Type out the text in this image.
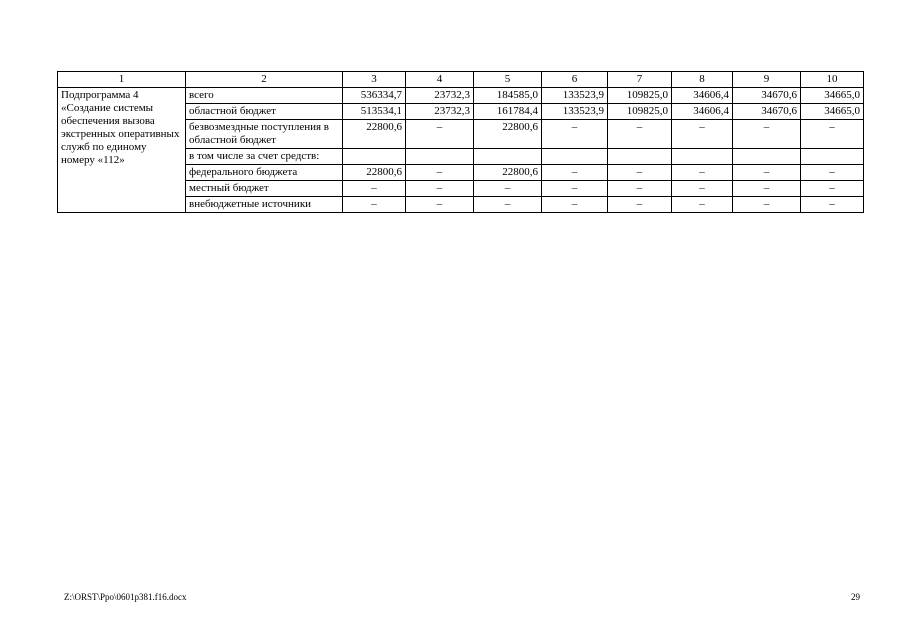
1	2	3	4	5	6	7	8	9	10
Подпрограмма 4 «Создание системы обеспечения вызова экстренных оперативных служб по единому номеру «112»	всего	536334,7	23732,3	184585,0	133523,9	109825,0	34606,4	34670,6	34665,0
	областной бюджет	513534,1	23732,3	161784,4	133523,9	109825,0	34606,4	34670,6	34665,0
	безвозмездные поступления в областной бюджет	22800,6	–	22800,6	–	–	–	–	–
	в том числе за счет средств:								
	федерального бюджета	22800,6	–	22800,6	–	–	–	–	–
	местный бюджет	–	–	–	–	–	–	–	–
	внебюджетные источники	–	–	–	–	–	–	–	–
Z:\ORST\Ppo\0601p381.f16.docx	29
